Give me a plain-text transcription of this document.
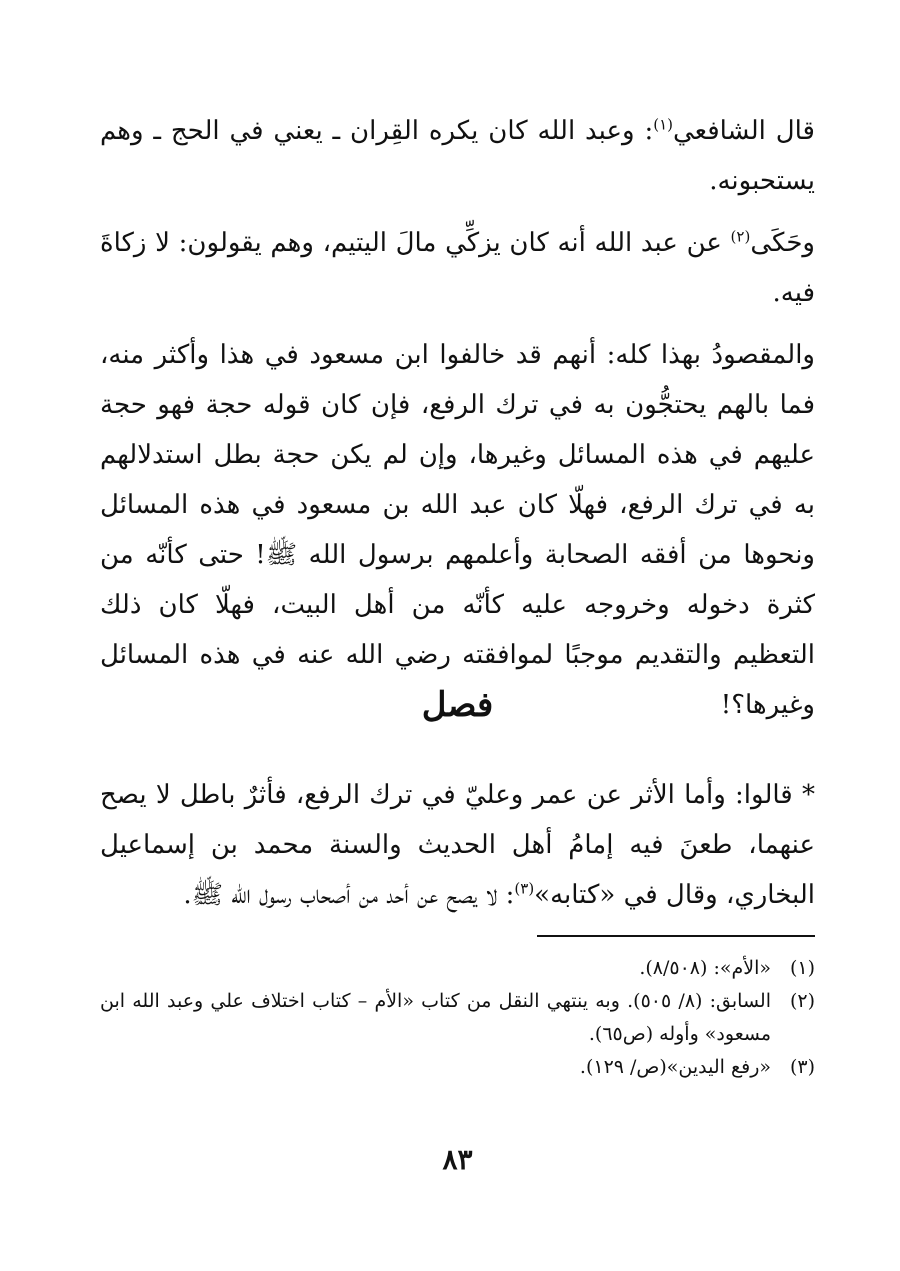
قال الشافعي$^{(١)}$: وعبد الله كان يكره القِران ـ يعني في الحج ـ وهم يستحبونه.

وحَكَى$^{(٢)}$ عن عبد الله أنه كان يزكِّي مالَ اليتيم، وهم يقولون: لا زكاةَ فيه.

والمقصودُ بهذا كله: أنهم قد خالفوا ابن مسعود في هذا وأكثر منه، فما بالهم يحتجُّون به في ترك الرفع، فإن كان قوله حجة فهو حجة عليهم في هذه المسائل وغيرها، وإن لم يكن حجة بطل استدلالهم به في ترك الرفع، فهلّا كان عبد الله بن مسعود في هذه المسائل ونحوها من أفقه الصحابة وأعلمهم برسول الله ﷺ! حتى كأنّه من كثرة دخوله وخروجه عليه كأنّه من أهل البيت، فهلّا كان ذلك التعظيم والتقديم موجبًا لموافقته رضي الله عنه في هذه المسائل وغيرها؟!

فصل

* قالوا: وأما الأثر عن عمر وعليّ في ترك الرفع، فأثرٌ باطل لا يصح عنهما، طعنَ فيه إمامُ أهل الحديث والسنة محمد بن إسماعيل البخاري، وقال في «كتابه»$^{(٣)}$: لا يصح عن أحد من أصحاب رسول الله ﷺ.

(١)
«الأم»: (٨/٥٠٨).
(٢)
السابق: (٨/ ٥٠٥). وبه ينتهي النقل من كتاب «الأم – كتاب اختلاف علي وعبد الله ابن مسعود» وأوله (ص٦٥).
(٣)
«رفع اليدين»(ص/ ١٢٩).
٨٣
